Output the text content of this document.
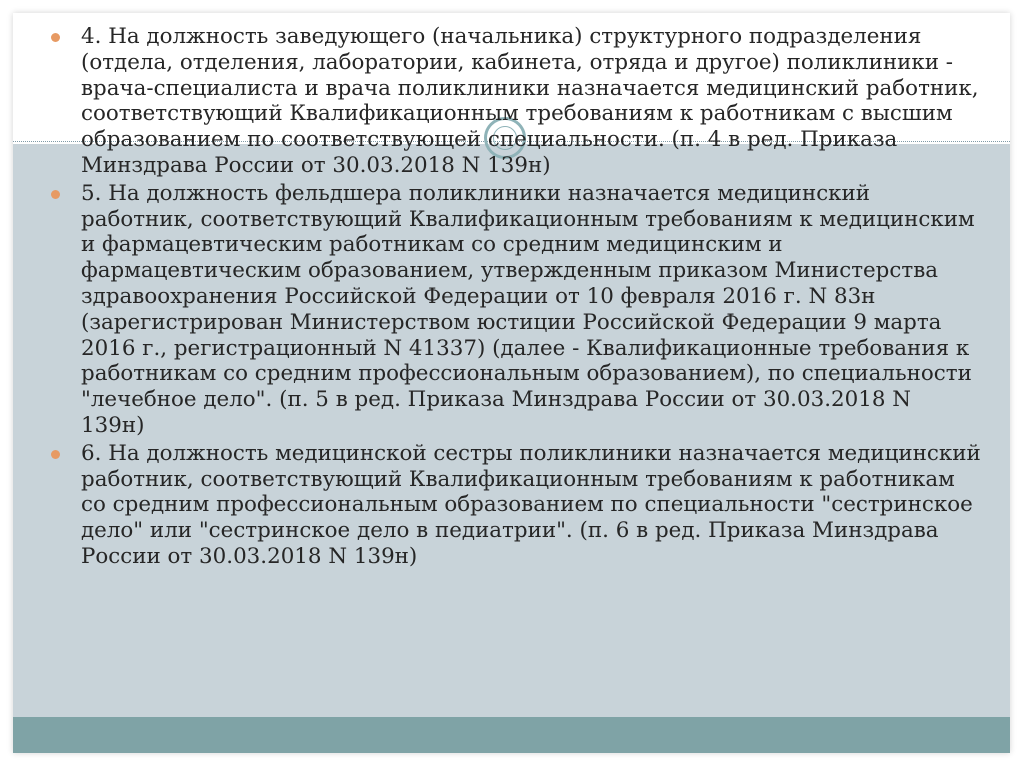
4. На должность заведующего (начальника) структурного подразделения (отдела, отделения, лаборатории, кабинета, отряда и другое) поликлиники - врача-специалиста и врача поликлиники назначается медицинский работник, соответствующий Квалификационным требованиям к работникам с высшим образованием по соответствующей специальности. (п. 4 в ред. Приказа Минздрава России от 30.03.2018 N 139н)
5. На должность фельдшера поликлиники назначается медицинский работник, соответствующий Квалификационным требованиям к медицинским и фармацевтическим работникам со средним медицинским и фармацевтическим образованием, утвержденным приказом Министерства здравоохранения Российской Федерации от 10 февраля 2016 г. N 83н (зарегистрирован Министерством юстиции Российской Федерации 9 марта 2016 г., регистрационный N 41337) (далее - Квалификационные требования к работникам со средним профессиональным образованием), по специальности "лечебное дело". (п. 5 в ред. Приказа Минздрава России от 30.03.2018 N 139н)
6. На должность медицинской сестры поликлиники назначается медицинский работник, соответствующий Квалификационным требованиям к работникам со средним профессиональным образованием по специальности "сестринское дело" или "сестринское дело в педиатрии". (п. 6 в ред. Приказа Минздрава России от 30.03.2018 N 139н)
